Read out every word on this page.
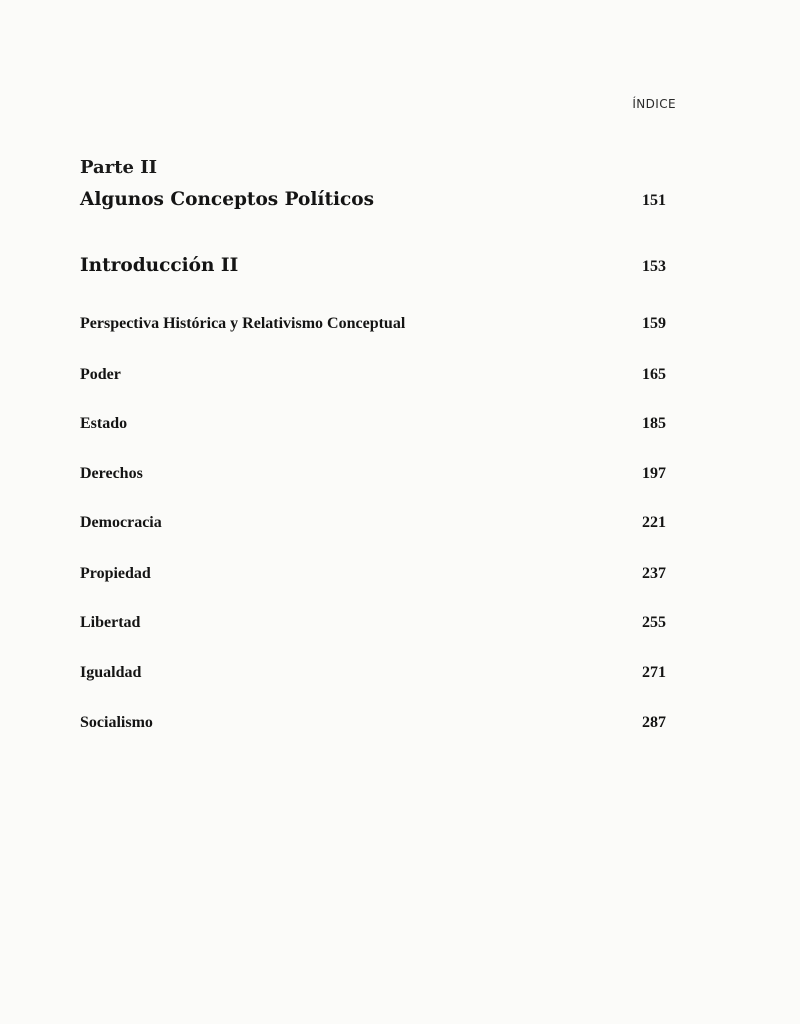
ÍNDICE
Parte II
Algunos Conceptos Políticos	151
Introducción II	153
Perspectiva Histórica y Relativismo Conceptual	159
Poder	165
Estado	185
Derechos	197
Democracia	221
Propiedad	237
Libertad	255
Igualdad	271
Socialismo	287
